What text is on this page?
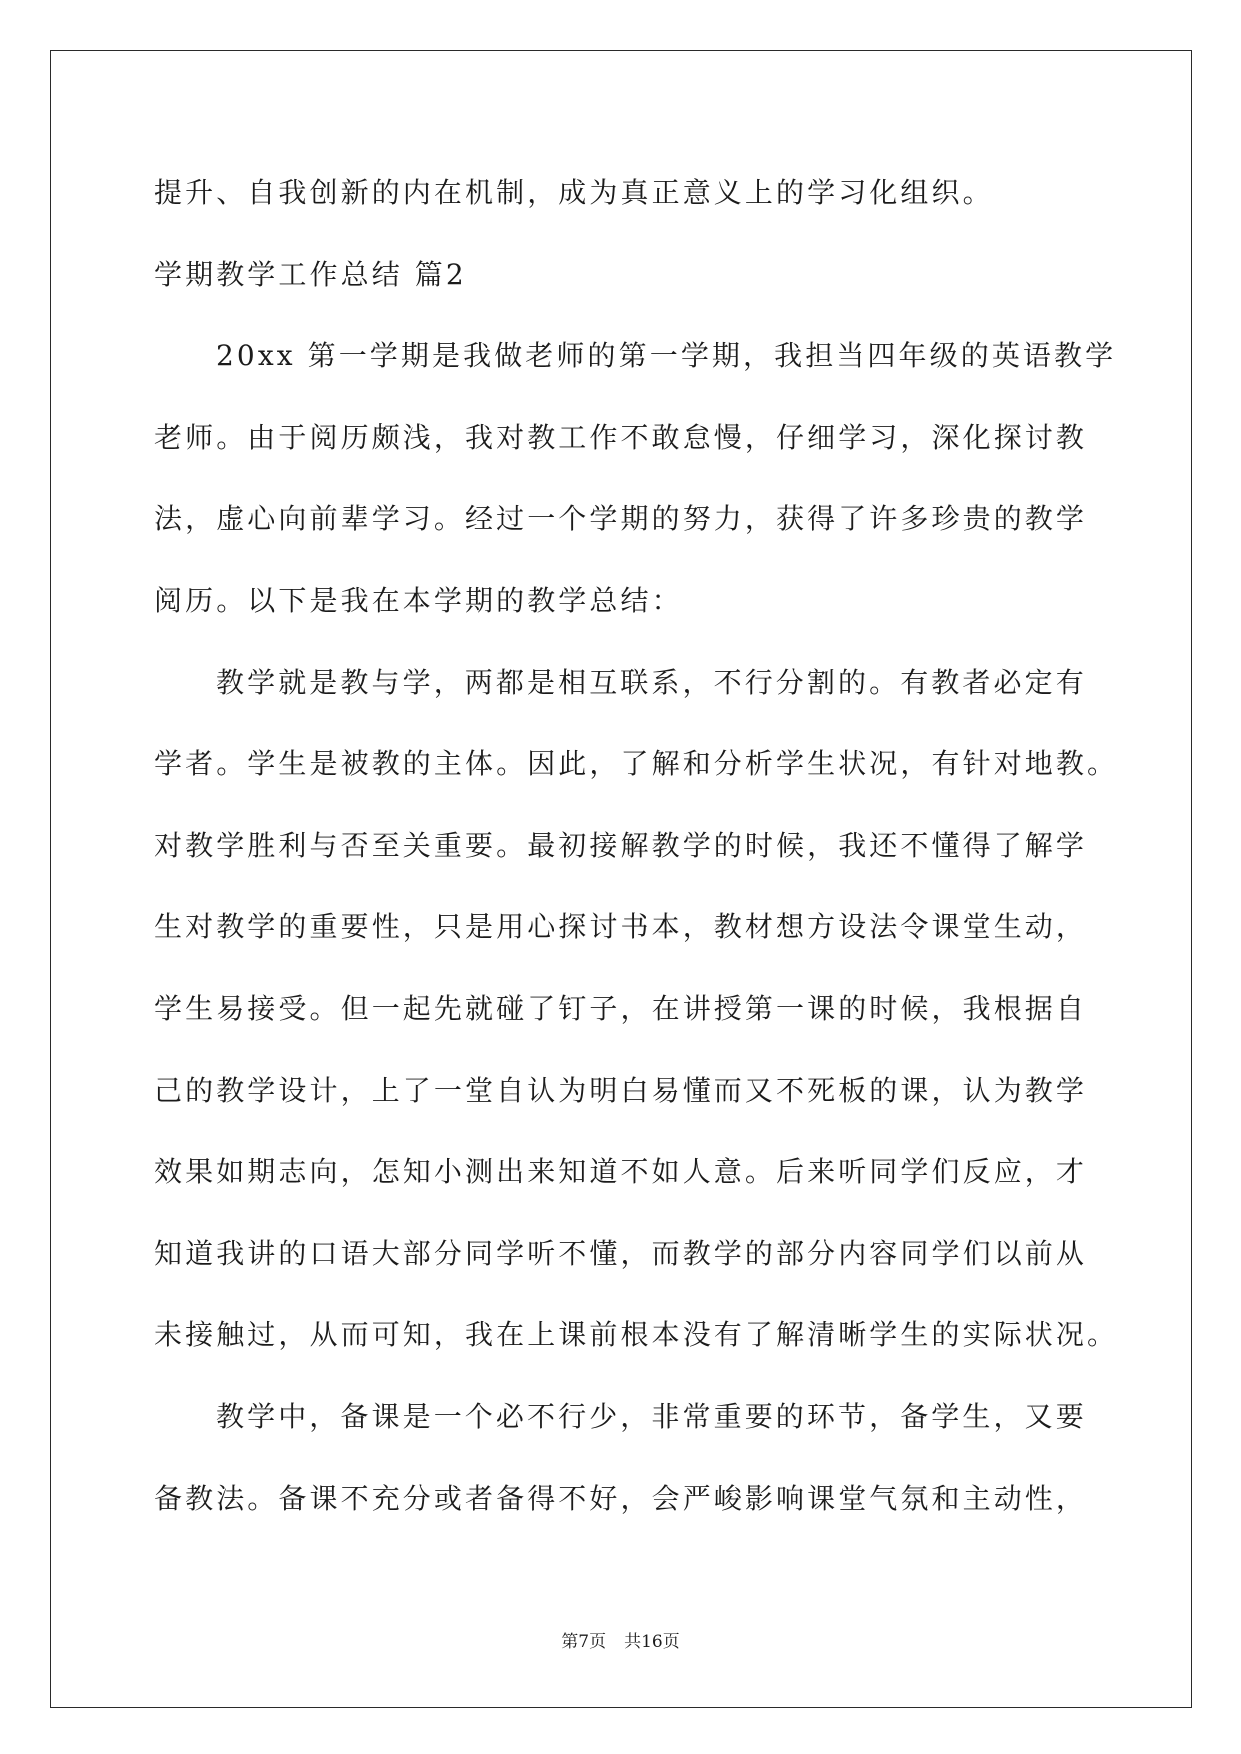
提升、自我创新的内在机制，成为真正意义上的学习化组织。
学期教学工作总结 篇2
20xx 第一学期是我做老师的第一学期，我担当四年级的英语教学
老师。由于阅历颇浅，我对教工作不敢怠慢，仔细学习，深化探讨教
法，虚心向前辈学习。经过一个学期的努力，获得了许多珍贵的教学
阅历。以下是我在本学期的教学总结：
教学就是教与学，两都是相互联系，不行分割的。有教者必定有
学者。学生是被教的主体。因此，了解和分析学生状况，有针对地教。
对教学胜利与否至关重要。最初接解教学的时候，我还不懂得了解学
生对教学的重要性，只是用心探讨书本，教材想方设法令课堂生动，
学生易接受。但一起先就碰了钉子，在讲授第一课的时候，我根据自
己的教学设计，上了一堂自认为明白易懂而又不死板的课，认为教学
效果如期志向，怎知小测出来知道不如人意。后来听同学们反应，才
知道我讲的口语大部分同学听不懂，而教学的部分内容同学们以前从
未接触过，从而可知，我在上课前根本没有了解清晰学生的实际状况。
教学中，备课是一个必不行少，非常重要的环节，备学生，又要
备教法。备课不充分或者备得不好，会严峻影响课堂气氛和主动性，
第7页 共16页
